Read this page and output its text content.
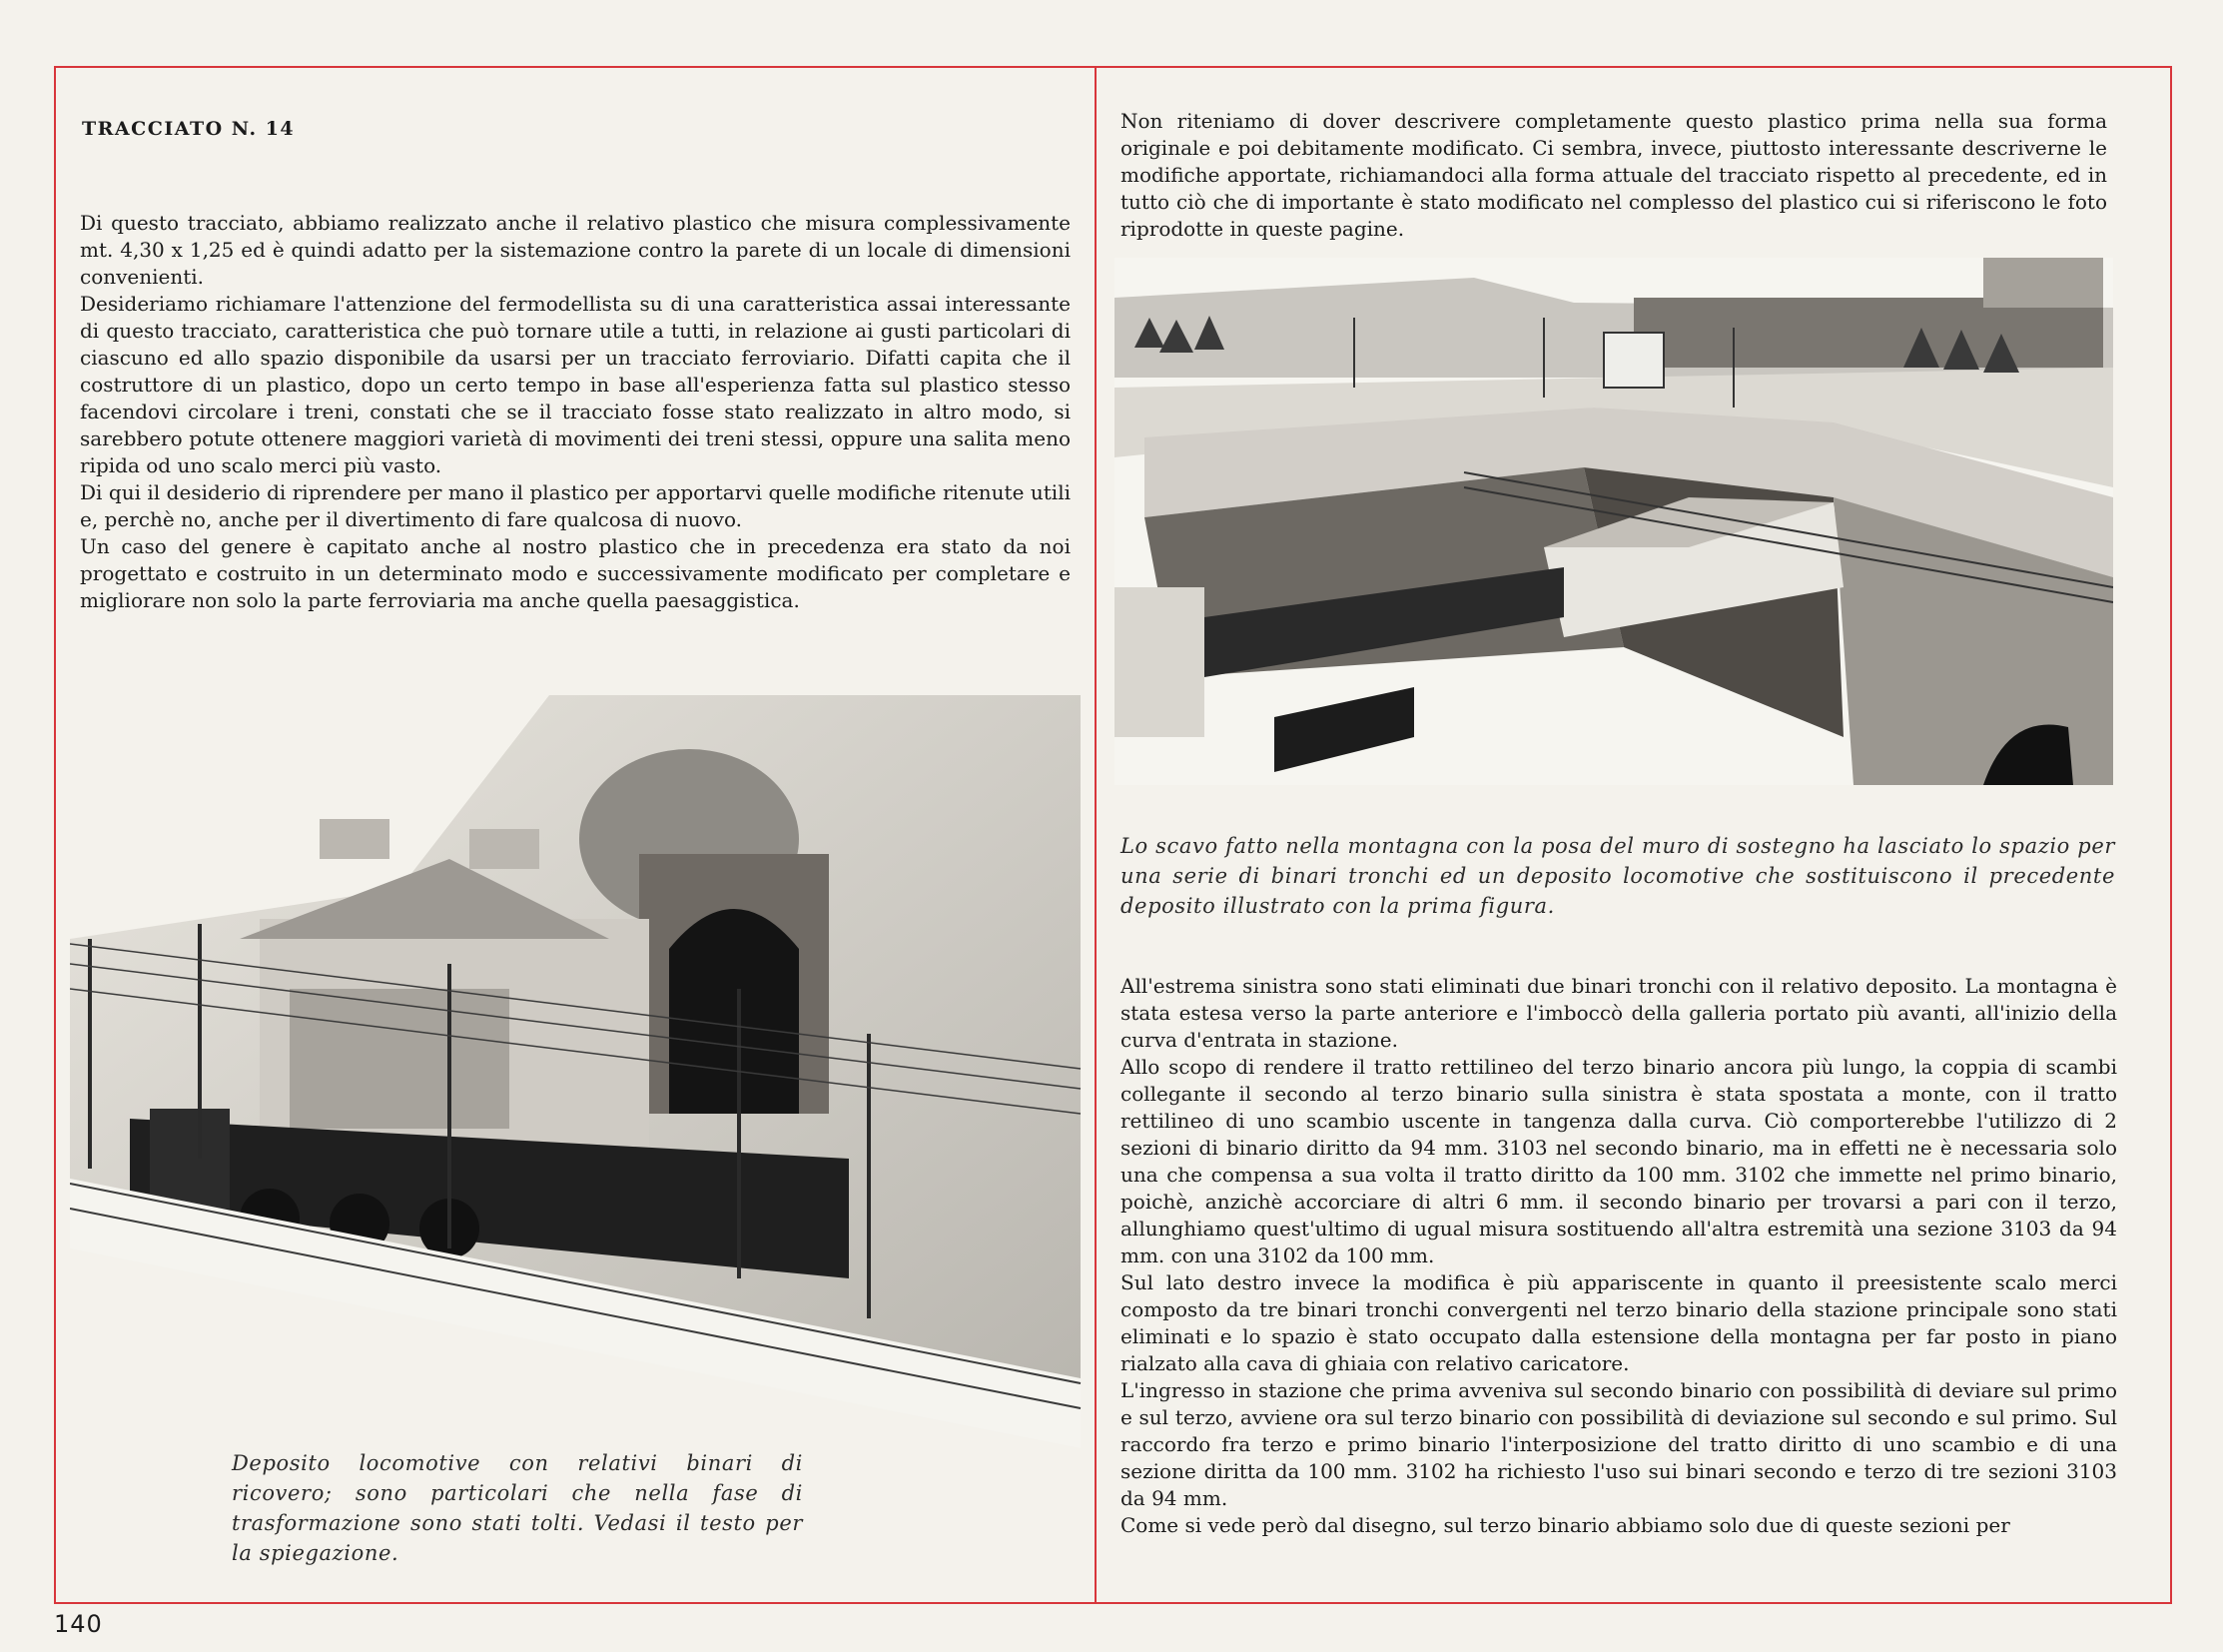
TRACCIATO N. 14

Di questo tracciato, abbiamo realizzato anche il relativo plastico che misura complessivamente mt. 4,30 x 1,25 ed è quindi adatto per la sistemazione contro la parete di un locale di dimensioni convenienti.

Desideriamo richiamare l'attenzione del fermodellista su di una caratteristica assai interessante di questo tracciato, caratteristica che può tornare utile a tutti, in relazione ai gusti particolari di ciascuno ed allo spazio disponibile da usarsi per un tracciato ferroviario. Difatti capita che il costruttore di un plastico, dopo un certo tempo in base all'esperienza fatta sul plastico stesso facendovi circolare i treni, constati che se il tracciato fosse stato realizzato in altro modo, si sarebbero potute ottenere maggiori varietà di movimenti dei treni stessi, oppure una salita meno ripida od uno scalo merci più vasto.

Di qui il desiderio di riprendere per mano il plastico per apportarvi quelle modifiche ritenute utili e, perchè no, anche per il divertimento di fare qualcosa di nuovo.

Un caso del genere è capitato anche al nostro plastico che in precedenza era stato da noi progettato e costruito in un determinato modo e successivamente modificato per completare e migliorare non solo la parte ferroviaria ma anche quella paesaggistica.

Deposito locomotive con relativi binari di ricovero; sono particolari che nella fase di trasformazione sono stati tolti. Vedasi il testo per la spiegazione.

Non riteniamo di dover descrivere completamente questo plastico prima nella sua forma originale e poi debitamente modificato. Ci sembra, invece, piuttosto interessante descriverne le modifiche apportate, richiamandoci alla forma attuale del tracciato rispetto al precedente, ed in tutto ciò che di importante è stato modificato nel complesso del plastico cui si riferiscono le foto riprodotte in queste pagine.

Lo scavo fatto nella montagna con la posa del muro di sostegno ha lasciato lo spazio per una serie di binari tronchi ed un deposito locomotive che sostituiscono il precedente deposito illustrato con la prima figura.

All'estrema sinistra sono stati eliminati due binari tronchi con il relativo deposito. La montagna è stata estesa verso la parte anteriore e l'imboccò della galleria portato più avanti, all'inizio della curva d'entrata in stazione.

Allo scopo di rendere il tratto rettilineo del terzo binario ancora più lungo, la coppia di scambi collegante il secondo al terzo binario sulla sinistra è stata spostata a monte, con il tratto rettilineo di uno scambio uscente in tangenza dalla curva. Ciò comporterebbe l'utilizzo di 2 sezioni di binario diritto da 94 mm. 3103 nel secondo binario, ma in effetti ne è necessaria solo una che compensa a sua volta il tratto diritto da 100 mm. 3102 che immette nel primo binario, poichè, anzichè accorciare di altri 6 mm. il secondo binario per trovarsi a pari con il terzo, allunghiamo quest'ultimo di ugual misura sostituendo all'altra estremità una sezione 3103 da 94 mm. con una 3102 da 100 mm.

Sul lato destro invece la modifica è più appariscente in quanto il preesistente scalo merci composto da tre binari tronchi convergenti nel terzo binario della stazione principale sono stati eliminati e lo spazio è stato occupato dalla estensione della montagna per far posto in piano rialzato alla cava di ghiaia con relativo caricatore.

L'ingresso in stazione che prima avveniva sul secondo binario con possibilità di deviare sul primo e sul terzo, avviene ora sul terzo binario con possibilità di deviazione sul secondo e sul primo. Sul raccordo fra terzo e primo binario l'interposizione del tratto diritto di uno scambio e di una sezione diritta da 100 mm. 3102 ha richiesto l'uso sui binari secondo e terzo di tre sezioni 3103 da 94 mm.

Come si vede però dal disegno, sul terzo binario abbiamo solo due di queste sezioni per

140
